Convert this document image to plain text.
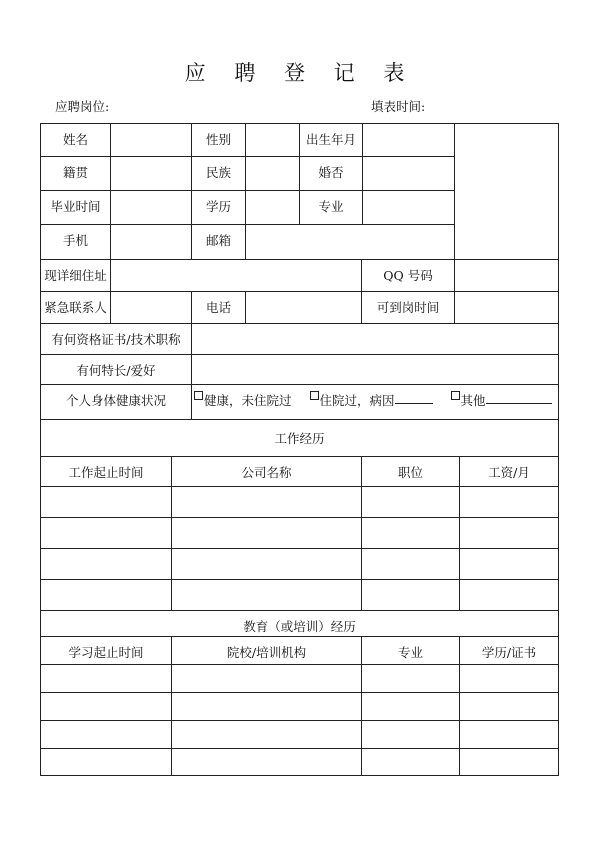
应 聘 登 记 表
应聘岗位:	填表时间:
姓名	性别	出生年月
籍贯	民族	婚否
毕业时间	学历	专业
手机	邮箱
现详细住址	QQ 号码
紧急联系人	电话	可到岗时间
有何资格证书/技术职称
有何特长/爱好
个人身体健康状况	健康，未住院过 住院过，病因	其他
工作经历
工作起止时间	公司名称	职位	工资/月
教育（或培训）经历
学习起止时间	院校/培训机构	专业	学历/证书
